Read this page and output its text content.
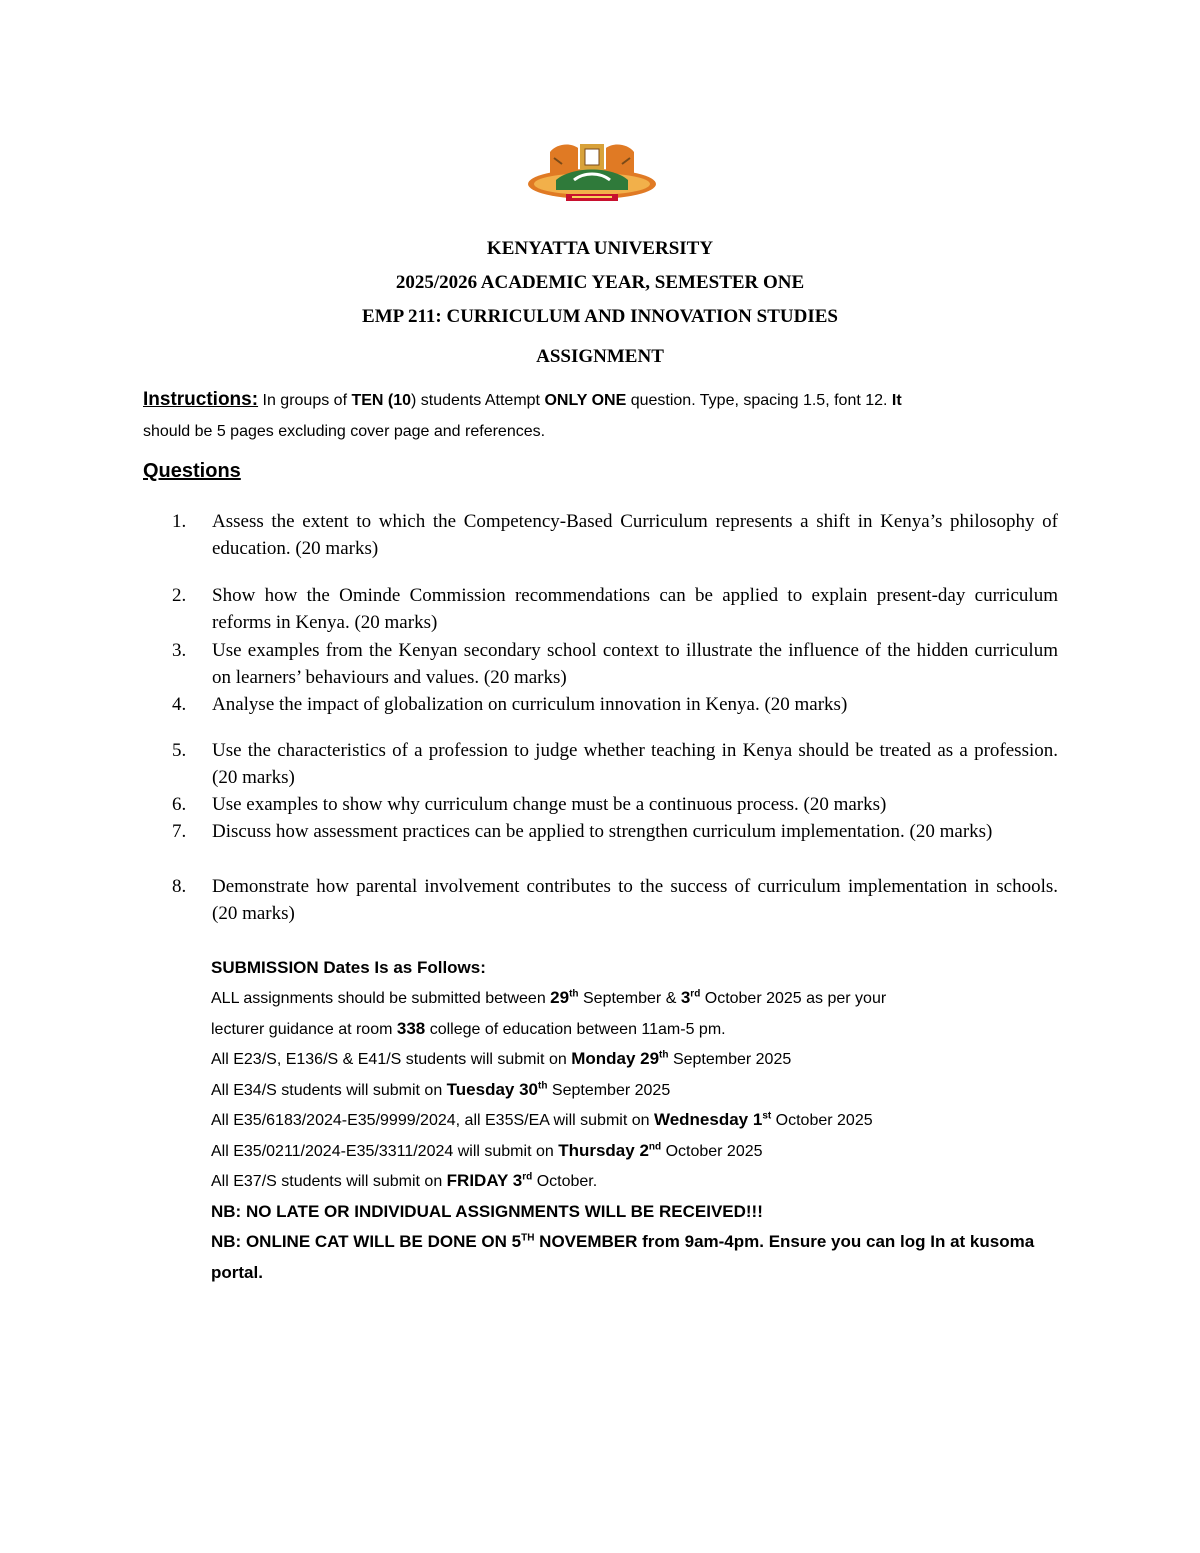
KENYATTA UNIVERSITY
2025/2026 ACADEMIC YEAR, SEMESTER ONE
EMP 211: CURRICULUM AND INNOVATION STUDIES
ASSIGNMENT
Instructions: In groups of TEN (10) students Attempt ONLY ONE question. Type, spacing 1.5, font 12. It
should be 5 pages excluding cover page and references.
Questions
1.	Assess the extent to which the Competency-Based Curriculum represents a shift in Kenya’s philosophy of education. (20 marks)
2.	Show how the Ominde Commission recommendations can be applied to explain present-day curriculum reforms in Kenya. (20 marks)
3.	Use examples from the Kenyan secondary school context to illustrate the influence of the hidden curriculum on learners’ behaviours and values. (20 marks)
4.	Analyse the impact of globalization on curriculum innovation in Kenya. (20 marks)
5.	Use the characteristics of a profession to judge whether teaching in Kenya should be treated as a profession. (20 marks)
6.	Use examples to show why curriculum change must be a continuous process. (20 marks)
7.	Discuss how assessment practices can be applied to strengthen curriculum implementation. (20 marks)
8.	Demonstrate how parental involvement contributes to the success of curriculum implementation in schools. (20 marks)
SUBMISSION Dates Is as Follows:
ALL assignments should be submitted between 29th September & 3rd October 2025 as per your
lecturer guidance at room 338 college of education between 11am-5 pm.
All E23/S, E136/S & E41/S students will submit on Monday 29th September 2025
All E34/S students will submit on Tuesday 30th September 2025
All E35/6183/2024-E35/9999/2024, all E35S/EA will submit on Wednesday 1st October 2025
All E35/0211/2024-E35/3311/2024 will submit on Thursday 2nd October 2025
All E37/S students will submit on FRIDAY 3rd October.
NB: NO LATE OR INDIVIDUAL ASSIGNMENTS WILL BE RECEIVED!!!
NB: ONLINE CAT WILL BE DONE ON 5TH NOVEMBER from 9am-4pm. Ensure you can log In at kusoma portal.
